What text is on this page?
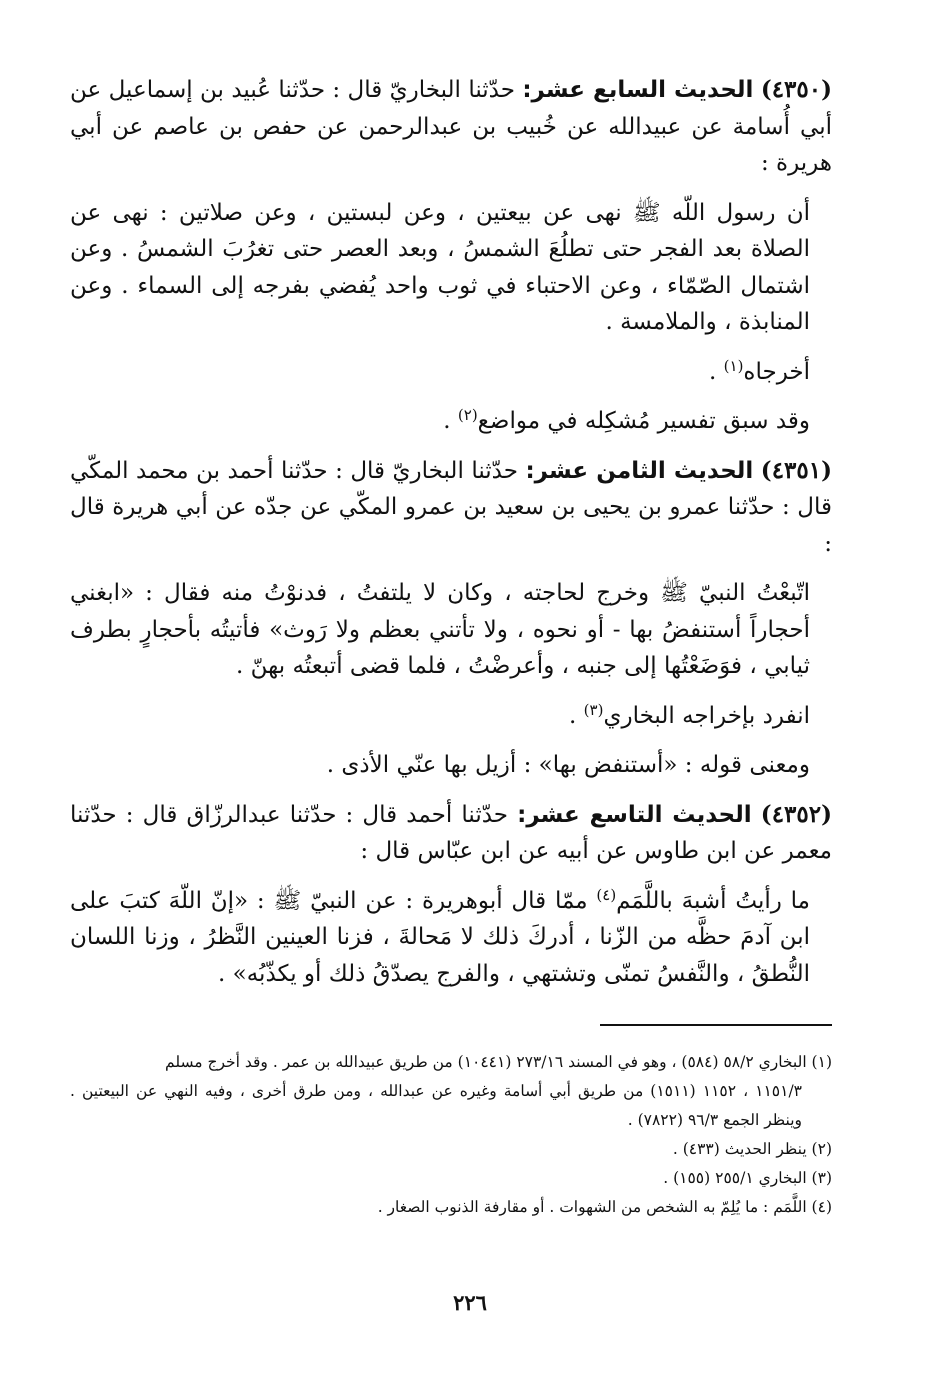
(٤٣٥٠) الحديث السابع عشر: حدّثنا البخاريّ قال : حدّثنا عُبيد بن إسماعيل عن أبي أُسامة عن عبيدالله عن خُبيب بن عبدالرحمن عن حفص بن عاصم عن أبي هريرة :

أن رسول اللّه ﷺ نهى عن بيعتين ، وعن لبستين ، وعن صلاتين : نهى عن الصلاة بعد الفجر حتى تطلُعَ الشمسُ ، وبعد العصر حتى تغرُبَ الشمسُ . وعن اشتمال الصّمّاء ، وعن الاحتباء في ثوب واحد يُفضي بفرجه إلى السماء . وعن المنابذة ، والملامسة .

أخرجاه$^{(١)}$ .

وقد سبق تفسير مُشكِله في مواضع$^{(٢)}$ .

(٤٣٥١) الحديث الثامن عشر: حدّثنا البخاريّ قال : حدّثنا أحمد بن محمد المكّي قال : حدّثنا عمرو بن يحيى بن سعيد بن عمرو المكّي عن جدّه عن أبي هريرة قال :

اتّبعْتُ النبيّ ﷺ وخرج لحاجته ، وكان لا يلتفتُ ، فدنوْتُ منه فقال : «ابغني أحجاراً أستنفضُ بها - أو نحوه ، ولا تأتني بعظم ولا رَوث» فأتيتُه بأحجارٍ بطرف ثيابي ، فوَضَعْتُها إلى جنبه ، وأعرضْتُ ، فلما قضى أتبعتُه بهنّ .

انفرد بإخراجه البخاري$^{(٣)}$ .

ومعنى قوله : «أستنفض بها» : أزيل بها عنّي الأذى .

(٤٣٥٢) الحديث التاسع عشر: حدّثنا أحمد قال : حدّثنا عبدالرزّاق قال : حدّثنا معمر عن ابن طاوس عن أبيه عن ابن عبّاس قال :

ما رأيتُ أشبهَ باللَّمَم$^{(٤)}$ ممّا قال أبوهريرة : عن النبيّ ﷺ : «إنّ اللّهَ كتبَ على ابن آدمَ حظَّه من الزّنا ، أدركَ ذلك لا مَحالةَ ، فزنا العينين النَّظرُ ، وزنا اللسان النُّطقُ ، والنَّفسُ تمنّى وتشتهي ، والفرج يصدّقُ ذلك أو يكذّبُه» .

(١) البخاري ٥٨/٢ (٥٨٤) ، وهو في المسند ٢٧٣/١٦ (١٠٤٤١) من طريق عبيدالله بن عمر . وقد أخرج مسلم
١١٥١/٣ ، ١١٥٢ (١٥١١) من طريق أبي أسامة وغيره عن عبدالله ، ومن طرق أخرى ، وفيه النهي عن البيعتين . وينظر الجمع ٩٦/٣ (٧٨٢٢) .
(٢) ينظر الحديث (٤٣٣) .
(٣) البخاري ٢٥٥/١ (١٥٥) .
(٤) اللَّمَم : ما يُلِمّ به الشخص من الشهوات . أو مقارفة الذنوب الصغار .
٢٢٦
